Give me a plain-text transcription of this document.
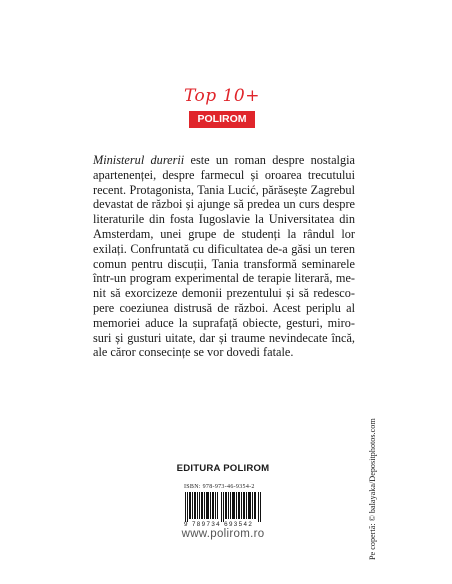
Top 10+
POLIROM
Ministerul durerii este un roman despre nostalgia
apartenenței, despre farmecul și oroarea trecutului
recent. Protagonista, Tania Lucić, părăsește Zagrebul
devastat de război și ajunge să predea un curs despre
literaturile din fosta Iugoslavie la Universitatea din
Amsterdam, unei grupe de studenți la rândul lor
exilați. Confruntată cu dificultatea de-a găsi un teren
comun pentru discuții, Tania transformă seminarele
într-un program experimental de terapie literară, me-
nit să exorcizeze demonii prezentului și să redesco-
pere coeziunea distrusă de război. Acest periplu al
memoriei aduce la suprafață obiecte, gesturi, miro-
suri și gusturi uitate, dar și traume nevindecate încă,
ale căror consecințe se vor dovedi fatale.
Pe copertă: © balayaka/Depositphotos.com
EDITURA POLIROM
ISBN: 978-973-46-9354-2
9 789734 693542
www.polirom.ro
